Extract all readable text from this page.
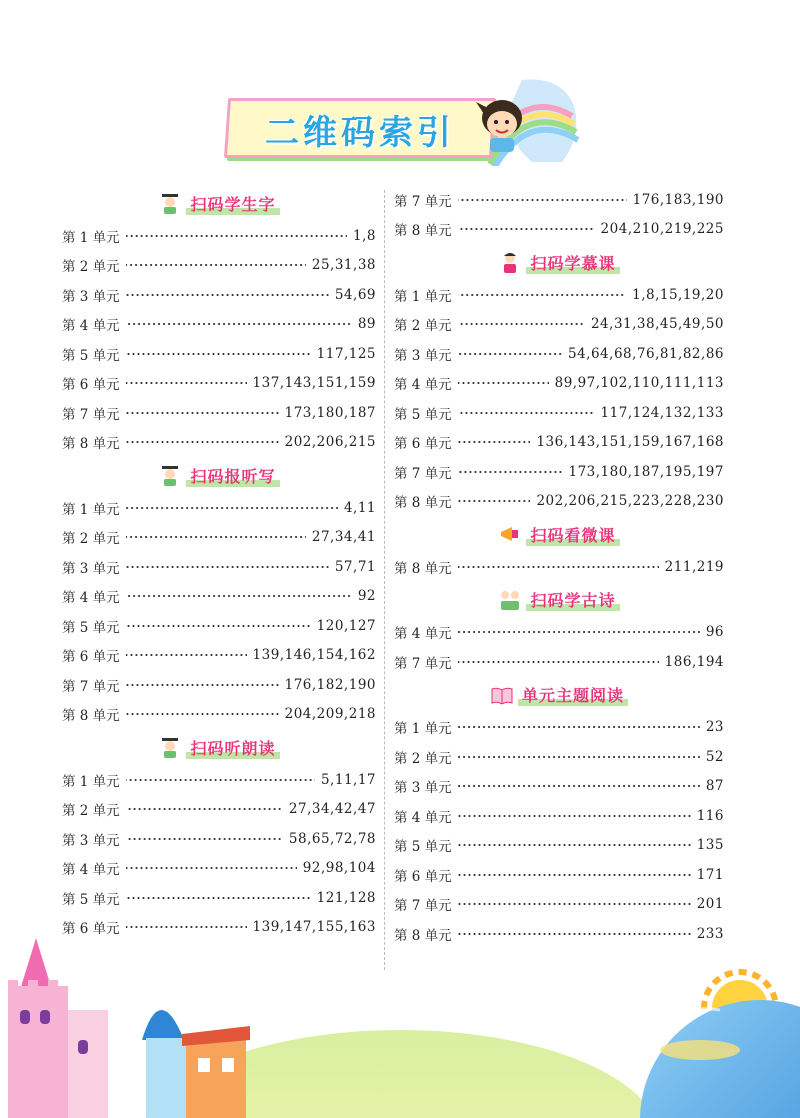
二维码索引
扫码学生字
第 1 单元	1,8
第 2 单元	25,31,38
第 3 单元	54,69
第 4 单元	89
第 5 单元	117,125
第 6 单元	137,143,151,159
第 7 单元	173,180,187
第 8 单元	202,206,215
扫码报听写
第 1 单元	4,11
第 2 单元	27,34,41
第 3 单元	57,71
第 4 单元	92
第 5 单元	120,127
第 6 单元	139,146,154,162
第 7 单元	176,182,190
第 8 单元	204,209,218
扫码听朗读
第 1 单元	5,11,17
第 2 单元	27,34,42,47
第 3 单元	58,65,72,78
第 4 单元	92,98,104
第 5 单元	121,128
第 6 单元	139,147,155,163
第 7 单元	176,183,190
第 8 单元	204,210,219,225
扫码学慕课
第 1 单元	1,8,15,19,20
第 2 单元	24,31,38,45,49,50
第 3 单元	54,64,68,76,81,82,86
第 4 单元	89,97,102,110,111,113
第 5 单元	117,124,132,133
第 6 单元	136,143,151,159,167,168
第 7 单元	173,180,187,195,197
第 8 单元	202,206,215,223,228,230
扫码看微课
第 8 单元	211,219
扫码学古诗
第 4 单元	96
第 7 单元	186,194
单元主题阅读
第 1 单元	23
第 2 单元	52
第 3 单元	87
第 4 单元	116
第 5 单元	135
第 6 单元	171
第 7 单元	201
第 8 单元	233
